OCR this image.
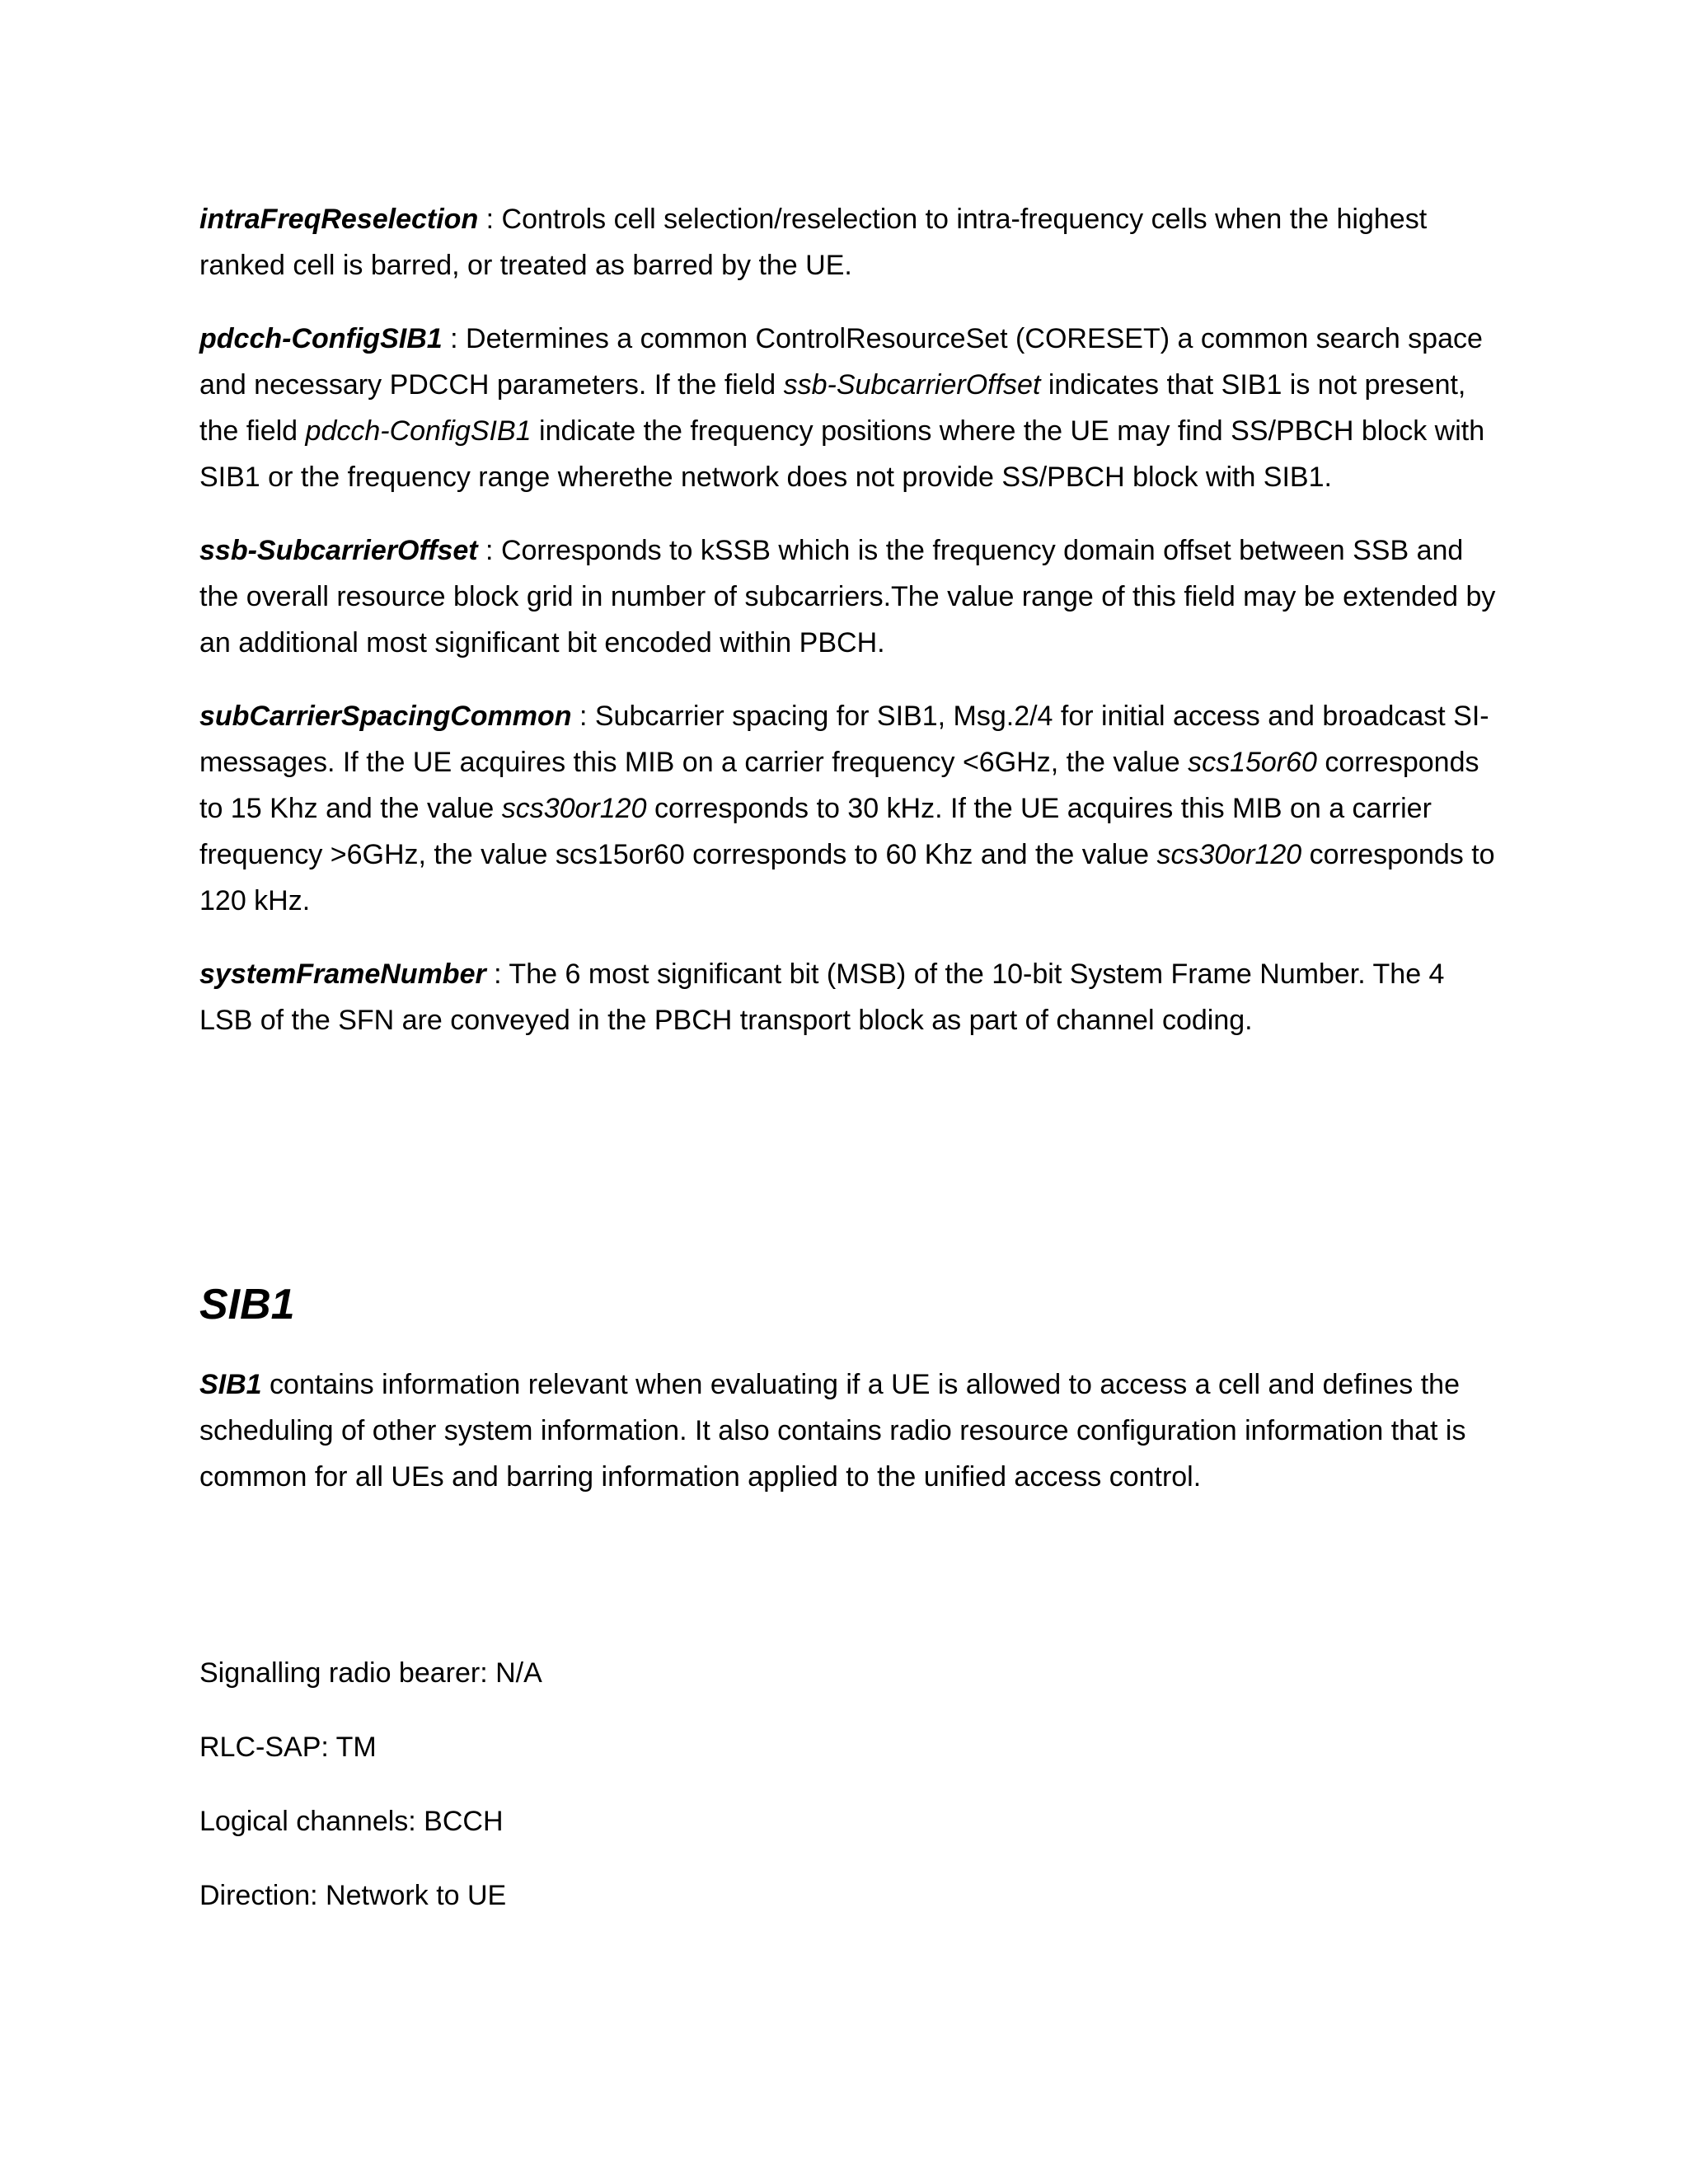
intraFreqReselection : Controls cell selection/reselection to intra-frequency cells when the highest ranked cell is barred, or treated as barred by the UE.

pdcch-ConfigSIB1 : Determines a common ControlResourceSet (CORESET) a common search space and necessary PDCCH parameters. If the field ssb-SubcarrierOffset indicates that SIB1 is not present, the field pdcch-ConfigSIB1 indicate the frequency positions where the UE may find SS/PBCH block with SIB1 or the frequency range wherethe network does not provide SS/PBCH block with SIB1.

ssb-SubcarrierOffset : Corresponds to kSSB which is the frequency domain offset between SSB and the overall resource block grid in number of subcarriers.The value range of this field may be extended by an additional most significant bit encoded within PBCH.

subCarrierSpacingCommon : Subcarrier spacing for SIB1, Msg.2/4 for initial access and broadcast SI-messages. If the UE acquires this MIB on a carrier frequency <6GHz, the value scs15or60 corresponds to 15 Khz and the value scs30or120 corresponds to 30 kHz. If the UE acquires this MIB on a carrier frequency >6GHz, the value scs15or60 corresponds to 60 Khz and the value scs30or120 corresponds to 120 kHz.

systemFrameNumber : The 6 most significant bit (MSB) of the 10-bit System Frame Number. The 4 LSB of the SFN are conveyed in the PBCH transport block as part of channel coding.

SIB1

SIB1 contains information relevant when evaluating if a UE is allowed to access a cell and defines the scheduling of other system information. It also contains radio resource configuration information that is common for all UEs and barring information applied to the unified access control.

Signalling radio bearer: N/A

RLC-SAP: TM

Logical channels: BCCH

Direction: Network to UE
